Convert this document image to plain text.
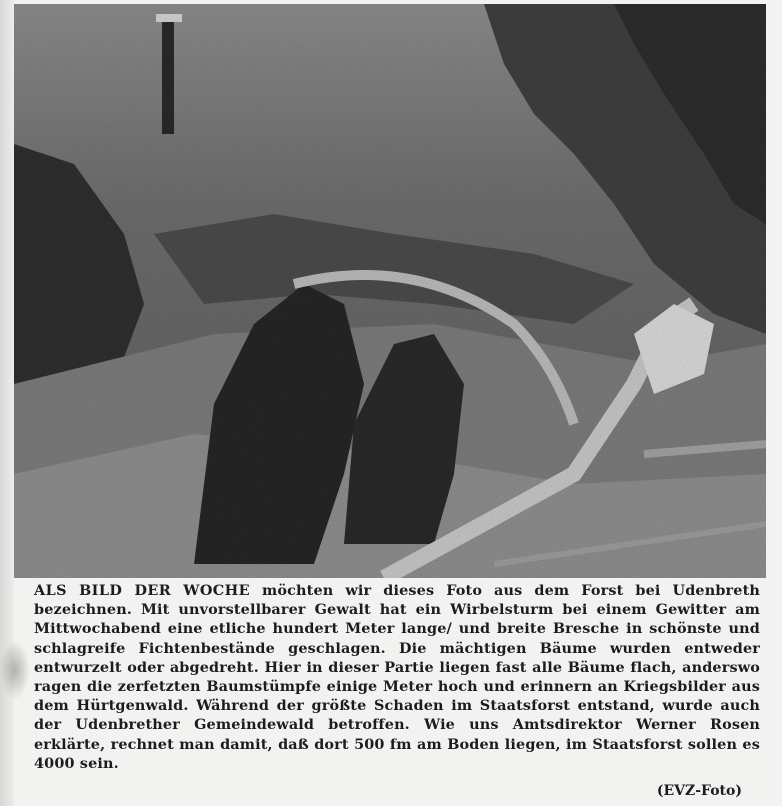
ALS BILD DER WOCHE möchten wir dieses Foto aus dem Forst bei Udenbreth bezeichnen. Mit unvorstellbarer Gewalt hat ein Wirbelsturm bei einem Gewitter am Mittwochabend eine etliche hundert Meter lange/ und breite Bresche in schönste und schlagreife Fichtenbestände geschlagen. Die mächtigen Bäume wurden entweder entwurzelt oder abgedreht. Hier in dieser Partie liegen fast alle Bäume flach, anderswo ragen die zerfetzten Baumstümpfe einige Meter hoch und erinnern an Kriegsbilder aus dem Hürtgenwald. Während der größte Schaden im Staatsforst entstand, wurde auch der Udenbrether Gemeindewald betroffen. Wie uns Amtsdirektor Werner Rosen erklärte, rechnet man damit, daß dort 500 fm am Boden liegen, im Staatsforst sollen es 4000 sein.

(EVZ-Foto)
